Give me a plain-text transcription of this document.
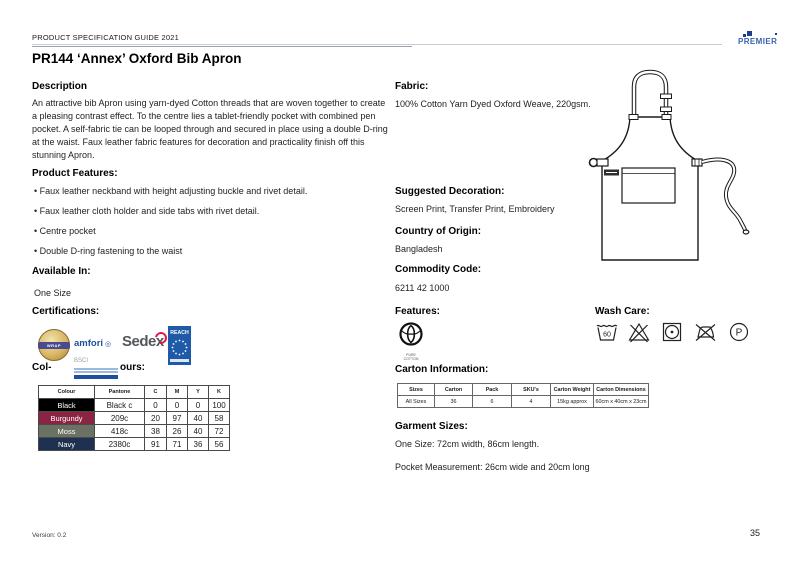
PRODUCT SPECIFICATION GUIDE 2021
PR144 ‘Annex’ Oxford Bib Apron
PREMIER
Description
An attractive bib Apron using yarn-dyed Cotton threads that are woven together to create a pleasing contrast effect. To the centre lies a tablet-friendly pocket with combined pen pocket. A self-fabric tie can be looped through and secured in place using a double D-ring at the waist. Faux leather fabric features for decoration and practicality finish off this stunning Apron.
Product Features:
• Faux leather neckband with height adjusting buckle and rivet detail.
• Faux leather cloth holder and side tabs with rivet detail.
• Centre pocket
• Double D-ring fastening to the waist
Available In:
One Size
Certifications:
WRAP	amfori ◎ BSCI
Sedex REACH
Col-	ours:
Colour	Pantone	C	M	Y	K
Black	Black c	0	0	0	100
Burgundy	209c	20	97	40	58
Moss	418c	38	26	40	72
Navy	2380c	91	71	36	56
Fabric:
100% Cotton Yarn Dyed Oxford Weave, 220gsm.
Suggested Decoration:
Screen Print, Transfer Print, Embroidery
Country of Origin:
Bangladesh
Commodity Code:
6211 42 1000
Features:
PURE
COTTON
Wash Care:
60
	P
Carton Information:
Sizes	Carton	Pack	SKU's	Carton Weight	Carton Dimensions
All Sizes	36	6	4	15kg approx	60cm x 40cm x 23cm
Garment Sizes:
One Size: 72cm width, 86cm length.
Pocket Measurement: 26cm wide and 20cm long
Version: 0.2	35
